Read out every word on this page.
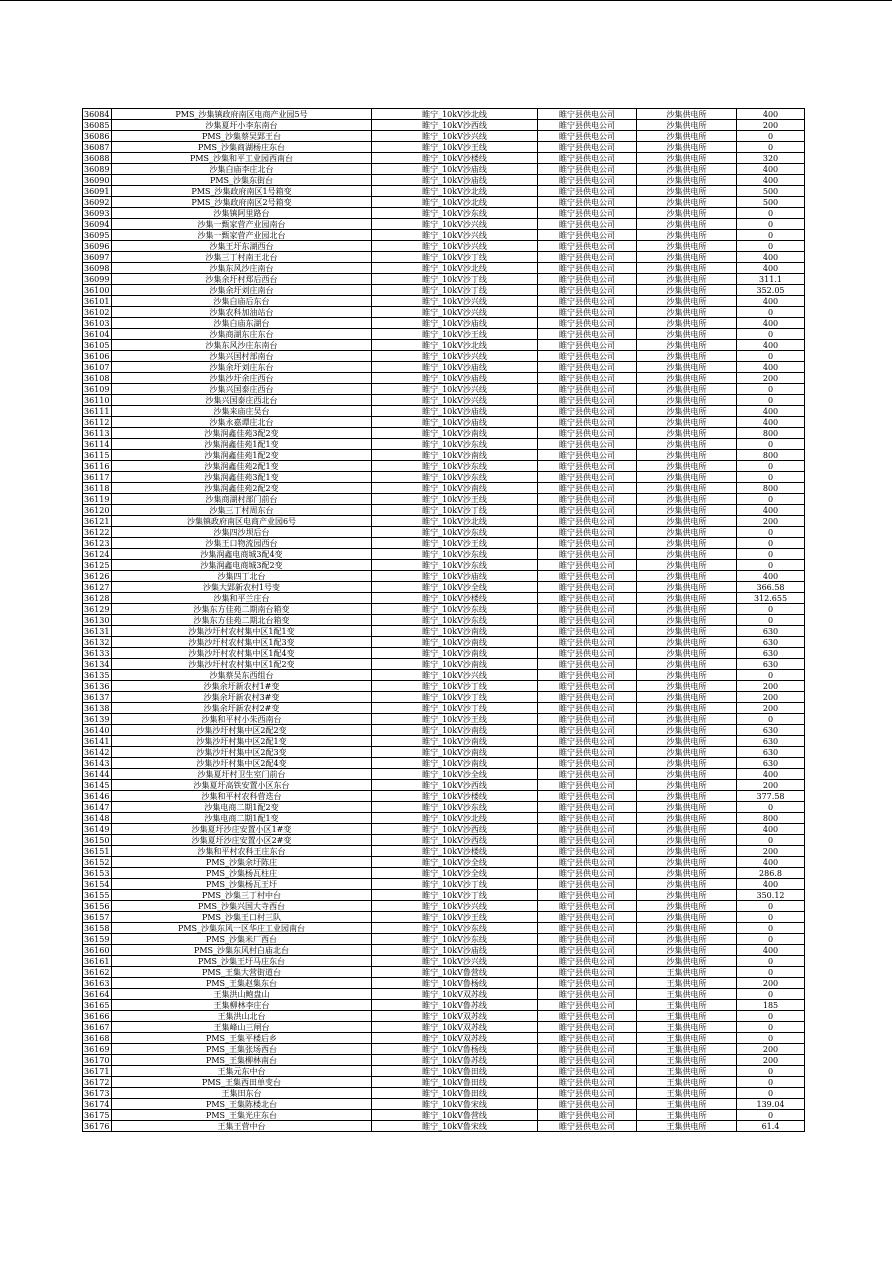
36084	PMS_沙集镇政府南区电商产业园5号	睢宁_10kV沙北线	睢宁县供电公司	沙集供电所	400
36085	沙集夏圩小李东南台	睢宁_10kV沙西线	睢宁县供电公司	沙集供电所	200
36086	PMS_沙集蔡吴郢王台	睢宁_10kV沙兴线	睢宁县供电公司	沙集供电所	0
36087	PMS_沙集商湖杨庄东台	睢宁_10kV沙王线	睢宁县供电公司	沙集供电所	0
36088	PMS_沙集和平工业园西南台	睢宁_10kV沙楼线	睢宁县供电公司	沙集供电所	320
36089	沙集白庙李庄北台	睢宁_10kV沙庙线	睢宁县供电公司	沙集供电所	400
36090	PMS_沙集东街台	睢宁_10kV沙庙线	睢宁县供电公司	沙集供电所	400
36091	PMS_沙集政府南区1号箱变	睢宁_10kV沙北线	睢宁县供电公司	沙集供电所	500
36092	PMS_沙集政府南区2号箱变	睢宁_10kV沙北线	睢宁县供电公司	沙集供电所	500
36093	沙集镇阿里路台	睢宁_10kV沙东线	睢宁县供电公司	沙集供电所	0
36094	沙集一甄家营产业园南台	睢宁_10kV沙兴线	睢宁县供电公司	沙集供电所	0
36095	沙集一甄家营产业园北台	睢宁_10kV沙兴线	睢宁县供电公司	沙集供电所	0
36096	沙集王圩东湖西台	睢宁_10kV沙兴线	睢宁县供电公司	沙集供电所	0
36097	沙集三丁村南王北台	睢宁_10kV沙丁线	睢宁县供电公司	沙集供电所	400
36098	沙集东风沙庄南台	睢宁_10kV沙北线	睢宁县供电公司	沙集供电所	400
36099	沙集余圩村郑后西台	睢宁_10kV沙丁线	睢宁县供电公司	沙集供电所	311.1
36100	沙集余圩刘庄南台	睢宁_10kV沙丁线	睢宁县供电公司	沙集供电所	352.05
36101	沙集白庙后东台	睢宁_10kV沙兴线	睢宁县供电公司	沙集供电所	400
36102	沙集农科加油站台	睢宁_10kV沙兴线	睢宁县供电公司	沙集供电所	0
36103	沙集白庙东湖台	睢宁_10kV沙庙线	睢宁县供电公司	沙集供电所	400
36104	沙集商湖东庄东台	睢宁_10kV沙王线	睢宁县供电公司	沙集供电所	0
36105	沙集东风沙庄东南台	睢宁_10kV沙北线	睢宁县供电公司	沙集供电所	400
36106	沙集兴国村部南台	睢宁_10kV沙兴线	睢宁县供电公司	沙集供电所	0
36107	沙集余圩刘庄东台	睢宁_10kV沙庙线	睢宁县供电公司	沙集供电所	400
36108	沙集沙圩余庄西台	睢宁_10kV沙庙线	睢宁县供电公司	沙集供电所	200
36109	沙集兴国泰庄西台	睢宁_10kV沙兴线	睢宁县供电公司	沙集供电所	0
36110	沙集兴国泰庄西北台	睢宁_10kV沙兴线	睢宁县供电公司	沙集供电所	0
36111	沙集来庙庄吴台	睢宁_10kV沙庙线	睢宁县供电公司	沙集供电所	400
36112	沙集永嘉谭庄北台	睢宁_10kV沙庙线	睢宁县供电公司	沙集供电所	400
36113	沙集润鑫佳苑3配2变	睢宁_10kV沙南线	睢宁县供电公司	沙集供电所	800
36114	沙集润鑫佳苑1配1变	睢宁_10kV沙东线	睢宁县供电公司	沙集供电所	0
36115	沙集润鑫佳苑1配2变	睢宁_10kV沙南线	睢宁县供电公司	沙集供电所	800
36116	沙集润鑫佳苑2配1变	睢宁_10kV沙东线	睢宁县供电公司	沙集供电所	0
36117	沙集润鑫佳苑3配1变	睢宁_10kV沙东线	睢宁县供电公司	沙集供电所	0
36118	沙集润鑫佳苑2配2变	睢宁_10kV沙南线	睢宁县供电公司	沙集供电所	800
36119	沙集商湖村部门前台	睢宁_10kV沙王线	睢宁县供电公司	沙集供电所	0
36120	沙集三丁村周东台	睢宁_10kV沙丁线	睢宁县供电公司	沙集供电所	400
36121	沙集镇政府南区电商产业园6号	睢宁_10kV沙北线	睢宁县供电公司	沙集供电所	200
36122	沙集四沙坝后台	睢宁_10kV沙东线	睢宁县供电公司	沙集供电所	0
36123	沙集王口物流园西台	睢宁_10kV沙王线	睢宁县供电公司	沙集供电所	0
36124	沙集润鑫电商城3配4变	睢宁_10kV沙东线	睢宁县供电公司	沙集供电所	0
36125	沙集润鑫电商城3配2变	睢宁_10kV沙东线	睢宁县供电公司	沙集供电所	0
36126	沙集四丁北台	睢宁_10kV沙庙线	睢宁县供电公司	沙集供电所	400
36127	沙集大郢新农村1号变	睢宁_10kV沙全线	睢宁县供电公司	沙集供电所	366.58
36128	沙集和平兰庄台	睢宁_10kV沙楼线	睢宁县供电公司	沙集供电所	312.655
36129	沙集东方佳苑二期南台箱变	睢宁_10kV沙东线	睢宁县供电公司	沙集供电所	0
36130	沙集东方佳苑二期北台箱变	睢宁_10kV沙东线	睢宁县供电公司	沙集供电所	0
36131	沙集沙圩村农村集中区1配1变	睢宁_10kV沙南线	睢宁县供电公司	沙集供电所	630
36132	沙集沙圩村农村集中区1配3变	睢宁_10kV沙南线	睢宁县供电公司	沙集供电所	630
36133	沙集沙圩村农村集中区1配4变	睢宁_10kV沙南线	睢宁县供电公司	沙集供电所	630
36134	沙集沙圩村农村集中区1配2变	睢宁_10kV沙南线	睢宁县供电公司	沙集供电所	630
36135	沙集蔡吴东西组台	睢宁_10kV沙兴线	睢宁县供电公司	沙集供电所	0
36136	沙集余圩新农村1#变	睢宁_10kV沙丁线	睢宁县供电公司	沙集供电所	200
36137	沙集余圩新农村3#变	睢宁_10kV沙丁线	睢宁县供电公司	沙集供电所	200
36138	沙集余圩新农村2#变	睢宁_10kV沙丁线	睢宁县供电公司	沙集供电所	200
36139	沙集和平村小朱西南台	睢宁_10kV沙王线	睢宁县供电公司	沙集供电所	0
36140	沙集沙圩村集中区2配2变	睢宁_10kV沙南线	睢宁县供电公司	沙集供电所	630
36141	沙集沙圩村集中区2配1变	睢宁_10kV沙南线	睢宁县供电公司	沙集供电所	630
36142	沙集沙圩村集中区2配3变	睢宁_10kV沙南线	睢宁县供电公司	沙集供电所	630
36143	沙集沙圩村集中区2配4变	睢宁_10kV沙南线	睢宁县供电公司	沙集供电所	630
36144	沙集夏圩村卫生室门前台	睢宁_10kV沙全线	睢宁县供电公司	沙集供电所	400
36145	沙集夏圩高铁安置小区东台	睢宁_10kV沙西线	睢宁县供电公司	沙集供电所	200
36146	沙集和平村农科营迭台	睢宁_10kV沙楼线	睢宁县供电公司	沙集供电所	377.58
36147	沙集电商二期1配2变	睢宁_10kV沙东线	睢宁县供电公司	沙集供电所	0
36148	沙集电商二期1配1变	睢宁_10kV沙北线	睢宁县供电公司	沙集供电所	800
36149	沙集夏圩沙庄安置小区1#变	睢宁_10kV沙西线	睢宁县供电公司	沙集供电所	400
36150	沙集夏圩沙庄安置小区2#变	睢宁_10kV沙西线	睢宁县供电公司	沙集供电所	0
36151	沙集和平村农科王庄东台	睢宁_10kV沙楼线	睢宁县供电公司	沙集供电所	200
36152	PMS_沙集余圩陈庄	睢宁_10kV沙全线	睢宁县供电公司	沙集供电所	400
36153	PMS_沙集杨瓦柱庄	睢宁_10kV沙全线	睢宁县供电公司	沙集供电所	286.8
36154	PMS_沙集杨瓦王圩	睢宁_10kV沙丁线	睢宁县供电公司	沙集供电所	400
36155	PMS_沙集三丁村中台	睢宁_10kV沙丁线	睢宁县供电公司	沙集供电所	350.12
36156	PMS_沙集兴国大寺西台	睢宁_10kV沙兴线	睢宁县供电公司	沙集供电所	0
36157	PMS_沙集王口村三队	睢宁_10kV沙王线	睢宁县供电公司	沙集供电所	0
36158	PMS_沙集东风一区华庄工业园南台	睢宁_10kV沙东线	睢宁县供电公司	沙集供电所	0
36159	PMS_沙集米厂西台	睢宁_10kV沙东线	睢宁县供电公司	沙集供电所	0
36160	PMS_沙集东风村白庙北台	睢宁_10kV沙庙线	睢宁县供电公司	沙集供电所	400
36161	PMS_沙集王圩马庄东台	睢宁_10kV沙兴线	睢宁县供电公司	沙集供电所	0
36162	PMS_王集大营街道台	睢宁_10kV鲁营线	睢宁县供电公司	王集供电所	0
36163	PMS_王集赵集东台	睢宁_10kV鲁杨线	睢宁县供电公司	王集供电所	200
36164	王集洪山鲍盘山	睢宁_10kV双苏线	睢宁县供电公司	王集供电所	0
36165	王集柳林李庄台	睢宁_10kV鲁苏线	睢宁县供电公司	王集供电所	185
36166	王集洪山北台	睢宁_10kV双苏线	睢宁县供电公司	王集供电所	0
36167	王集峰山三闸台	睢宁_10kV双苏线	睢宁县供电公司	王集供电所	0
36168	PMS_王集平楼后乡	睢宁_10kV双苏线	睢宁县供电公司	王集供电所	0
36169	PMS_王集张场西台	睢宁_10kV鲁杨线	睢宁县供电公司	王集供电所	200
36170	PMS_王集柳林南台	睢宁_10kV鲁苏线	睢宁县供电公司	王集供电所	200
36171	王集元东中台	睢宁_10kV鲁田线	睢宁县供电公司	王集供电所	0
36172	PMS_王集西田单变台	睢宁_10kV鲁田线	睢宁县供电公司	王集供电所	0
36173	王集田东台	睢宁_10kV鲁田线	睢宁县供电公司	王集供电所	0
36174	PMS_王集陈楼北台	睢宁_10kV鲁宋线	睢宁县供电公司	王集供电所	139.04
36175	PMS_王集光庄东台	睢宁_10kV鲁营线	睢宁县供电公司	王集供电所	0
36176	王集王营中台	睢宁_10kV鲁宋线	睢宁县供电公司	王集供电所	61.4
